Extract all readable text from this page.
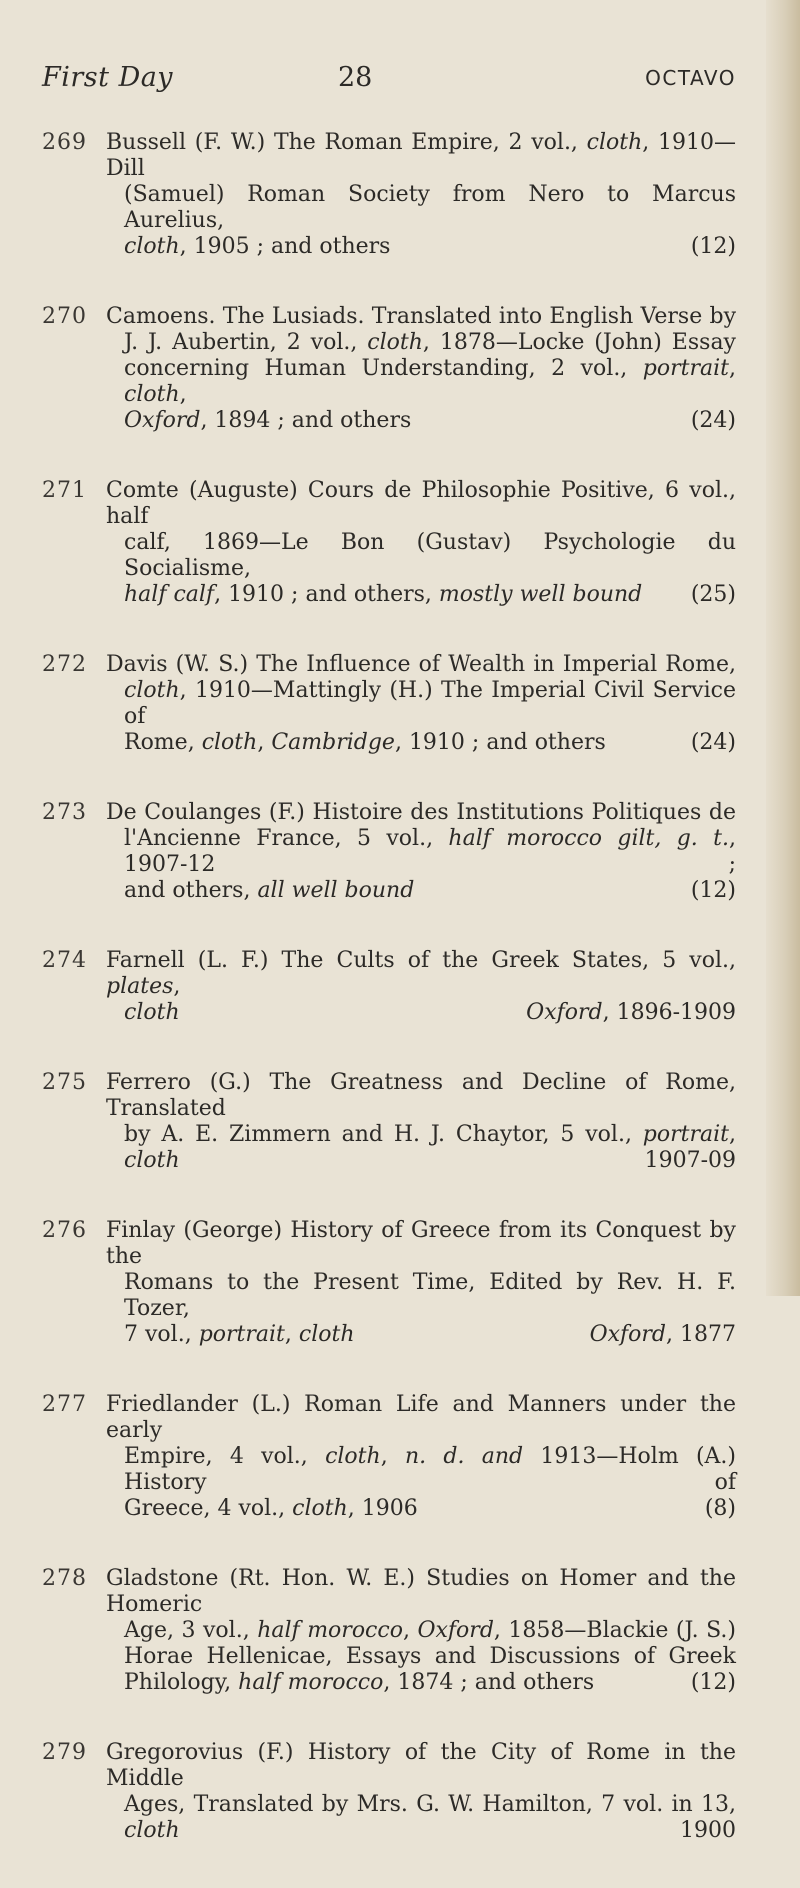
First Day	28	OCTAVO
269 Bussell (F. W.) The Roman Empire, 2 vol., cloth, 1910—Dill
(Samuel) Roman Society from Nero to Marcus Aurelius,
cloth, 1905 ; and others	(12)
270 Camoens. The Lusiads. Translated into English Verse by
J. J. Aubertin, 2 vol., cloth, 1878—Locke (John) Essay
concerning Human Understanding, 2 vol., portrait, cloth,
Oxford, 1894 ; and others	(24)
271 Comte (Auguste) Cours de Philosophie Positive, 6 vol., half
calf, 1869—Le Bon (Gustav) Psychologie du Socialisme,
half calf, 1910 ; and others, mostly well bound (25)
272 Davis (W. S.) The Influence of Wealth in Imperial Rome,
cloth, 1910—Mattingly (H.) The Imperial Civil Service of
Rome, cloth, Cambridge, 1910 ; and others	(24)
273 De Coulanges (F.) Histoire des Institutions Politiques de
l'Ancienne France, 5 vol., half morocco gilt, g. t., 1907-12 ;
and others, all well bound	(12)
274 Farnell (L. F.) The Cults of the Greek States, 5 vol., plates,
cloth	Oxford, 1896-1909
275 Ferrero (G.) The Greatness and Decline of Rome, Translated
by A. E. Zimmern and H. J. Chaytor, 5 vol., portrait,
cloth	1907-09
276 Finlay (George) History of Greece from its Conquest by the
Romans to the Present Time, Edited by Rev. H. F. Tozer,
7 vol., portrait, cloth	Oxford, 1877
277 Friedlander (L.) Roman Life and Manners under the early
Empire, 4 vol., cloth, n. d. and 1913—Holm (A.) History of
Greece, 4 vol., cloth, 1906	(8)
278 Gladstone (Rt. Hon. W. E.) Studies on Homer and the Homeric
Age, 3 vol., half morocco, Oxford, 1858—Blackie (J. S.)
Horae Hellenicae, Essays and Discussions of Greek
Philology, half morocco, 1874 ; and others	(12)
279 Gregorovius (F.) History of the City of Rome in the Middle
Ages, Translated by Mrs. G. W. Hamilton, 7 vol. in 13,
cloth	1900
